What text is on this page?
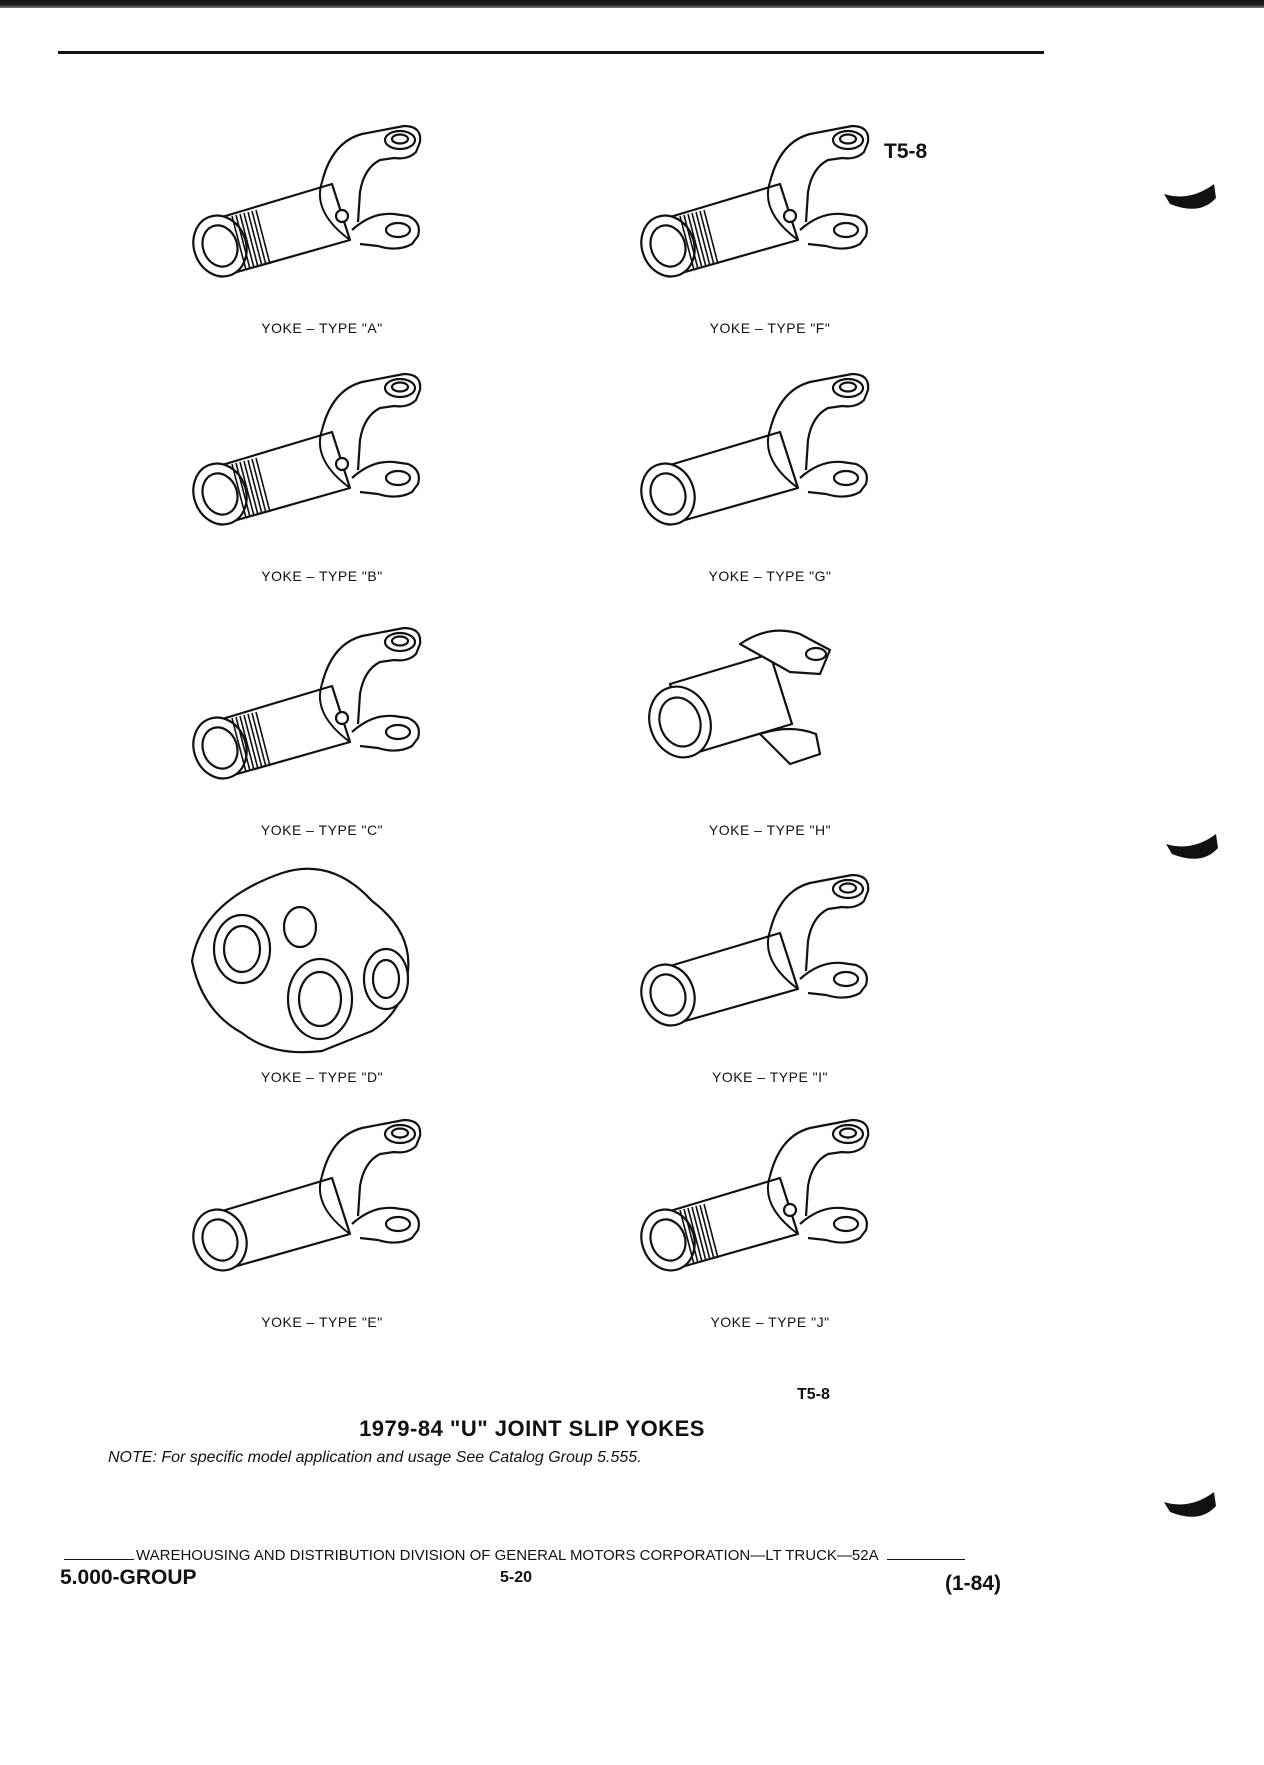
T5-8
YOKE – TYPE "A"	YOKE – TYPE "F"
YOKE – TYPE "B"	YOKE – TYPE "G"
YOKE – TYPE "C"	YOKE – TYPE "H"
YOKE – TYPE "D"	YOKE – TYPE "I"
YOKE – TYPE "E"	YOKE – TYPE "J"
T5-8
1979-84 "U" JOINT SLIP YOKES
NOTE: For specific model application and usage See Catalog Group 5.555.
WAREHOUSING AND DISTRIBUTION DIVISION OF GENERAL MOTORS CORPORATION—LT TRUCK—52A
5.000-GROUP	5-20	(1-84)
